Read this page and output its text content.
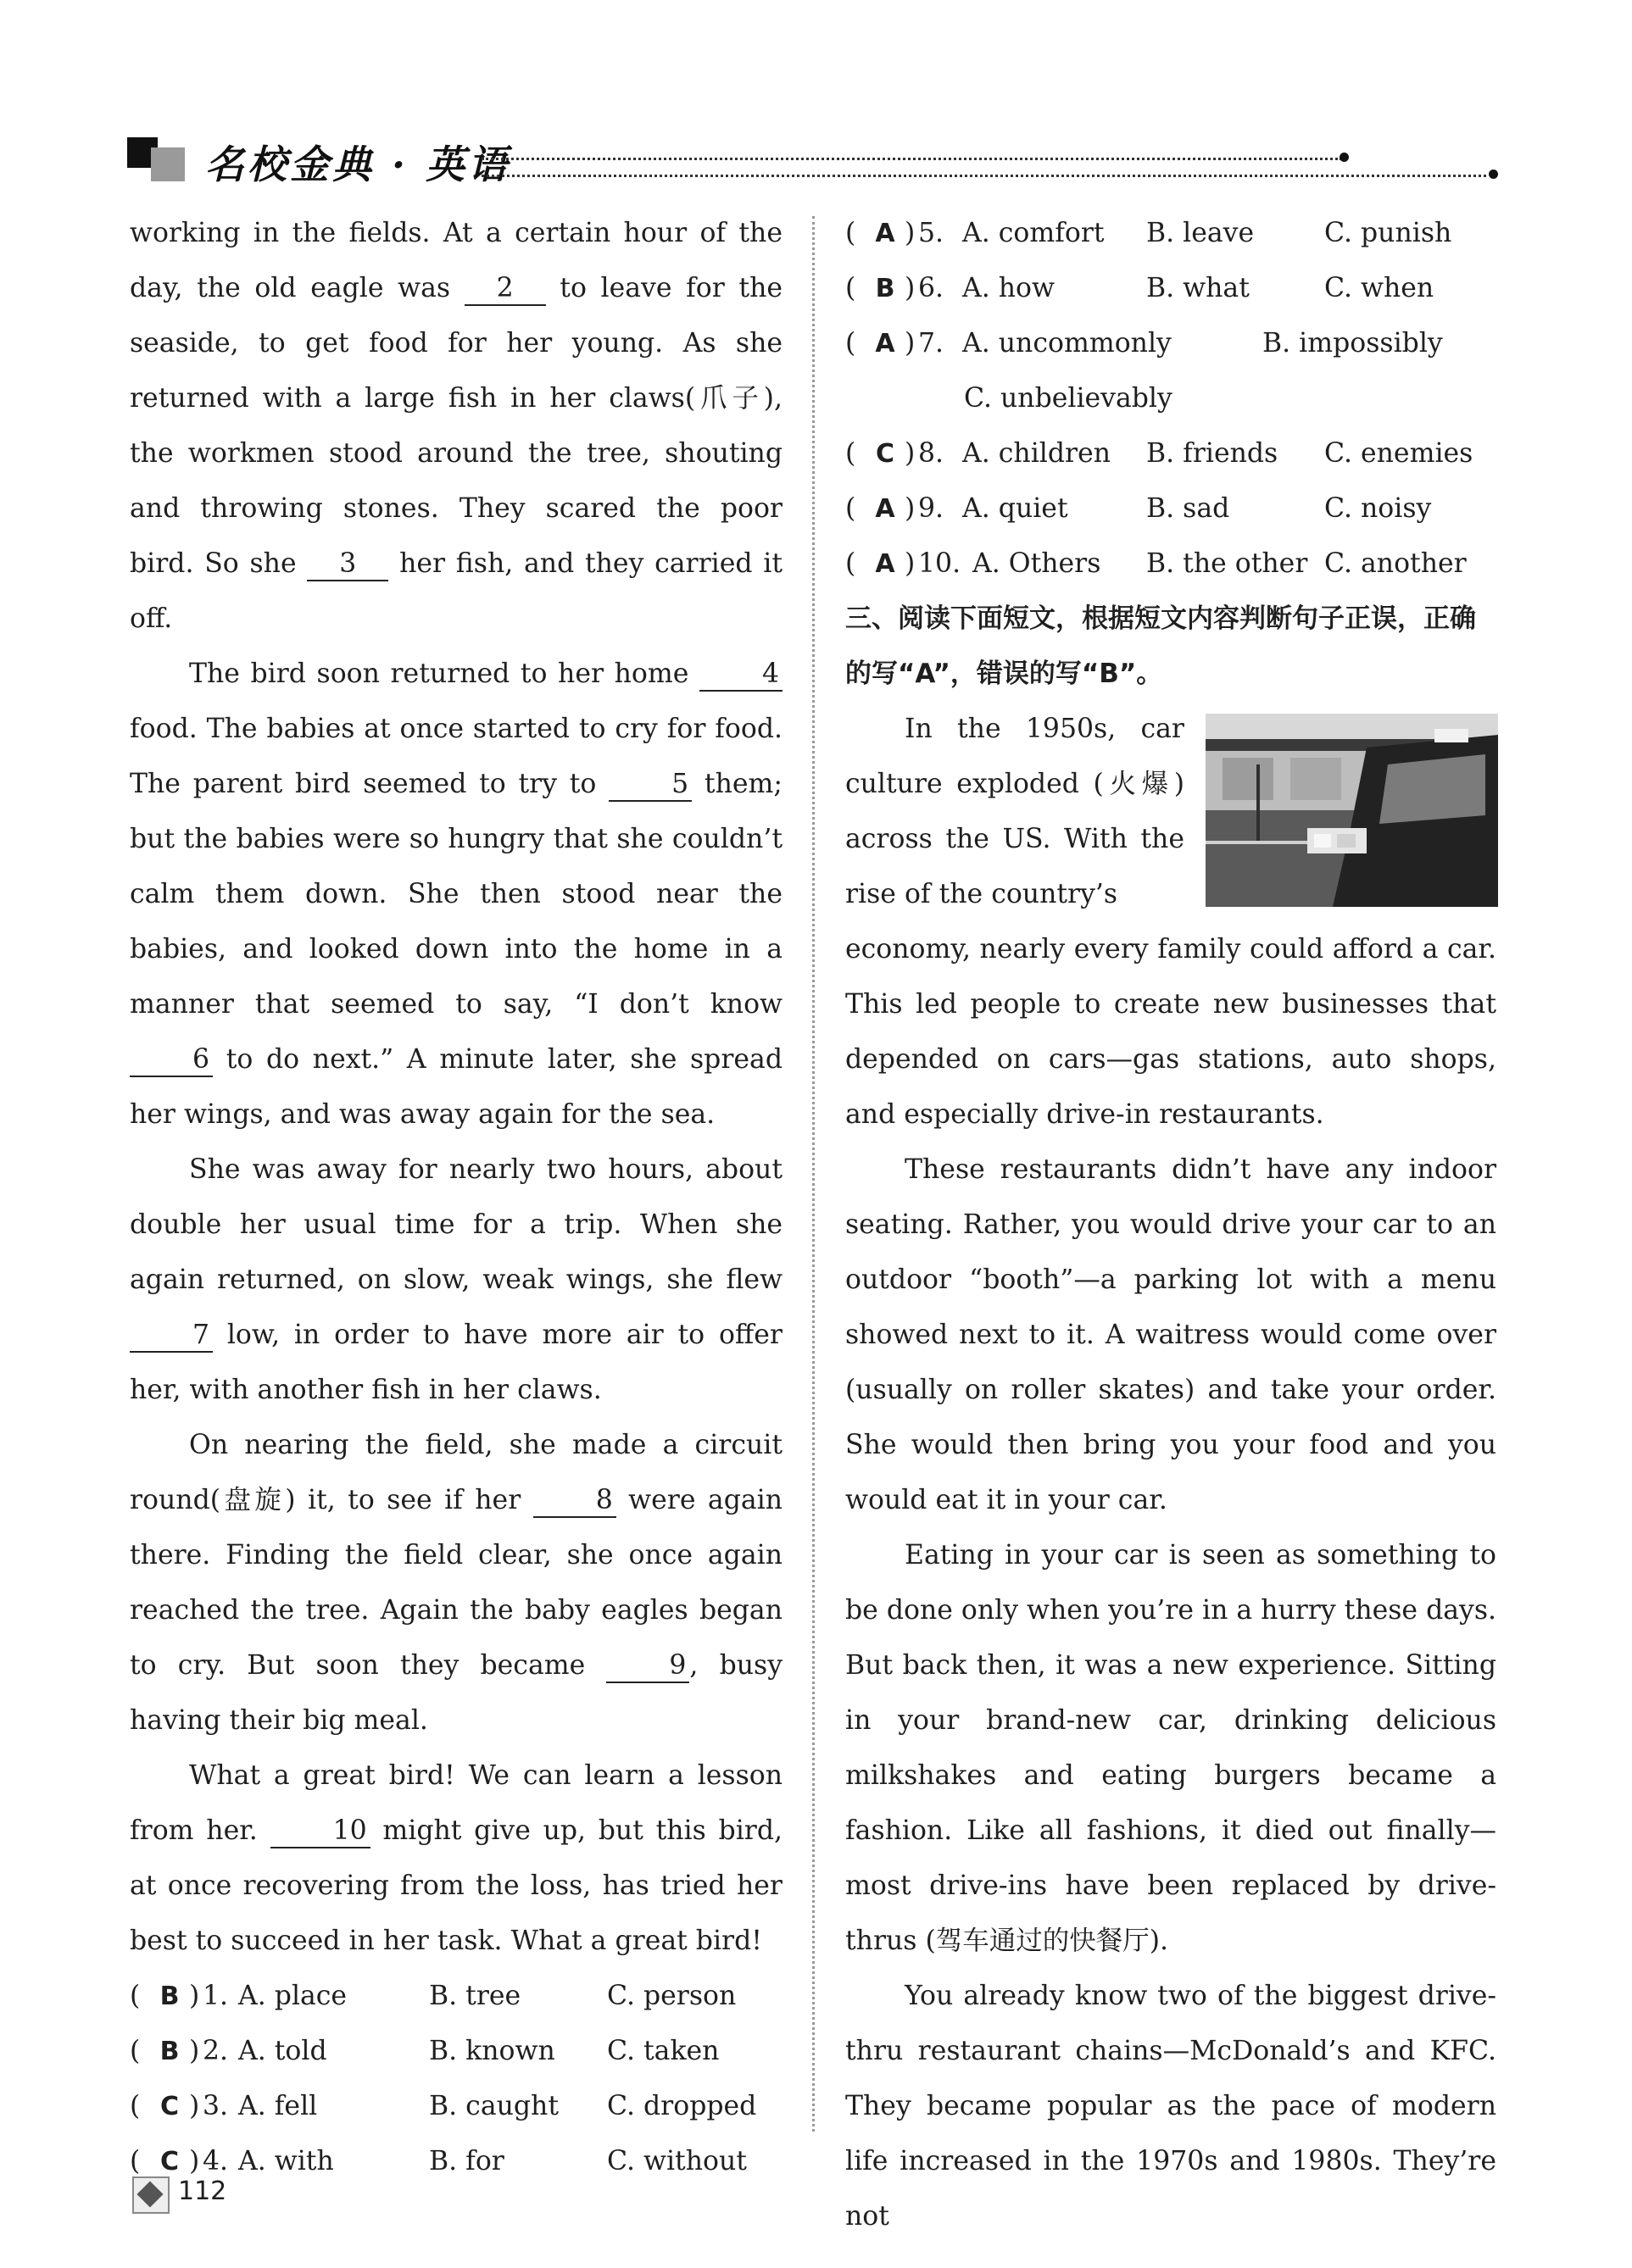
名校金典 · 英语

working in the fields. At a certain hour of the day, the old eagle was 2 to leave for the seaside, to get food for her young. As she returned with a large fish in her claws(爪子), the workmen stood around the tree, shouting and throwing stones. They scared the poor bird. So she 3 her fish, and they carried it off.

The bird soon returned to her home 4 food. The babies at once started to cry for food. The parent bird seemed to try to 5 them; but the babies were so hungry that she couldn’t calm them down. She then stood near the babies, and looked down into the home in a manner that seemed to say, “I don’t know 6 to do next.” A minute later, she spread her wings, and was away again for the sea.

She was away for nearly two hours, about double her usual time for a trip. When she again returned, on slow, weak wings, she flew 7 low, in order to have more air to offer her, with another fish in her claws.

On nearing the field, she made a circuit round(盘旋) it, to see if her 8 were again there. Finding the field clear, she once again reached the tree. Again the baby eagles began to cry. But soon they became 9 , busy having their big meal.

What a great bird! We can learn a lesson from her. 10 might give up, but this bird, at once recovering from the loss, has tried her best to succeed in her task. What a great bird!

( B ) 1. A. place	B. tree	C. person
( B ) 2. A. told	B. known C. taken
( C ) 3. A. fell	B. caught C. dropped
( C ) 4. A. with	B. for	C. without
( A ) 5. A. comfort B. leave	C. punish
( B ) 6. A. how	B. what	C. when
( A ) 7. A. uncommonly	B. impossibly
C. unbelievably
( C ) 8. A. children B. friends C. enemies
( A ) 9. A. quiet	B. sad	C. noisy
( A ) 10. A. Others B. the other C. another

三、阅读下面短文，根据短文内容判断句子正误，正确的写“A”，错误的写“B”。

In the 1950s, car culture exploded (火爆) across the US. With the rise of the country’s

economy, nearly every family could afford a car. This led people to create new businesses that depended on cars—gas stations, auto shops, and especially drive-in restaurants.

These restaurants didn’t have any indoor seating. Rather, you would drive your car to an outdoor “booth”—a parking lot with a menu showed next to it. A waitress would come over (usually on roller skates) and take your order. She would then bring you your food and you would eat it in your car.

Eating in your car is seen as something to be done only when you’re in a hurry these days. But back then, it was a new experience. Sitting in your brand-new car, drinking delicious milkshakes and eating burgers became a fashion. Like all fashions, it died out finally—most drive-ins have been replaced by drive-thrus (驾车通过的快餐厅).

You already know two of the biggest drive-thru restaurant chains—McDonald’s and KFC. They became popular as the pace of modern life increased in the 1970s and 1980s. They’re not

112
